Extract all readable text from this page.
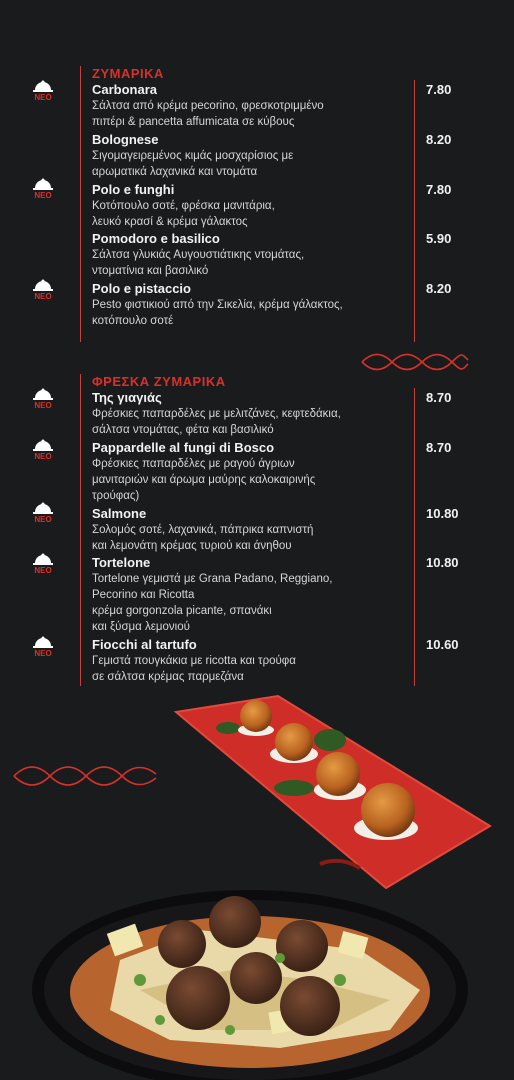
ΖΥΜΑΡΙΚΑ
Carbonara
Σάλτσα από κρέμα pecorino, φρεσκοτριμμένο
πιπέρι & pancetta affumicata σε κύβους
7.80
ΝΕΟ
Bolognese
Σιγομαγειρεμένος κιμάς μοσχαρίσιος με
αρωματικά λαχανικά και ντομάτα
8.20
Polo e funghi
Κοτόπουλο σοτέ, φρέσκα μανιτάρια,
λευκό κρασί & κρέμα γάλακτος
7.80
ΝΕΟ
Pomodoro e basilico
Σάλτσα γλυκιάς Αυγουστιάτικης ντομάτας,
ντοματίνια και βασιλικό
5.90
Polo e pistaccio
Pesto φιστικιού από την Σικελία, κρέμα γάλακτος,
κοτόπουλο σοτέ
8.20
ΝΕΟ
ΦΡΕΣΚΑ ΖΥΜΑΡΙΚΑ
Της γιαγιάς
Φρέσκιες παπαρδέλες με μελιτζάνες, κεφτεδάκια,
σάλτσα ντομάτας, φέτα και βασιλικό
8.70
ΝΕΟ
Pappardelle al fungi di Bosco
Φρέσκιες παπαρδέλες με ραγού άγριων
μανιταριών και άρωμα μαύρης καλοκαιρινής
τρούφας)
8.70
ΝΕΟ
Salmone
Σολομός σοτέ, λαχανικά, πάπρικα καπνιστή
και λεμονάτη κρέμας τυριού και άνηθου
10.80
ΝΕΟ
Tortelone
Tortelone γεμιστά με Grana Padano, Reggiano,
Pecorino και Ricotta
κρέμα gorgonzola picante, σπανάκι
και ξύσμα λεμονιού
10.80
ΝΕΟ
Fiocchi al tartufo
Γεμιστά πουγκάκια με ricotta και τρούφα
σε σάλτσα κρέμας παρμεζάνα
10.60
ΝΕΟ
